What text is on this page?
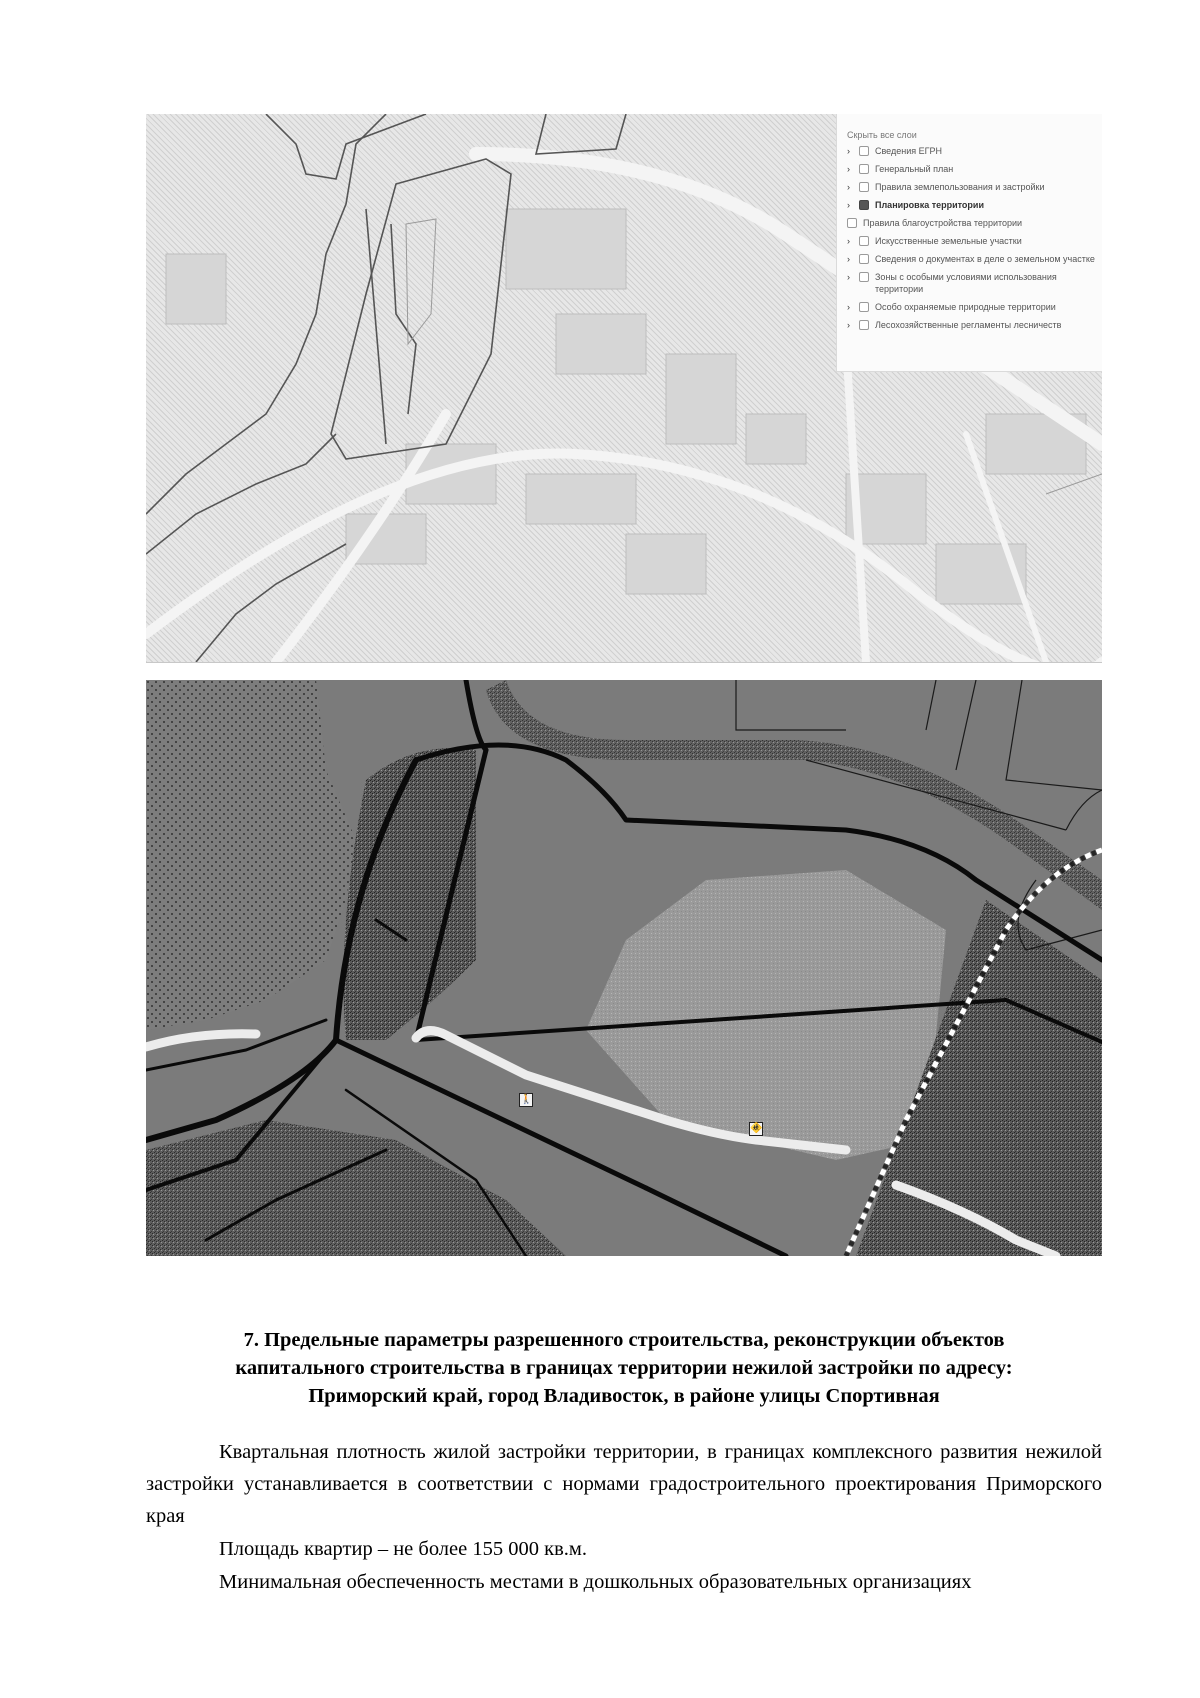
Скрыть все слои
›	Сведения ЕГРН
›	Генеральный план
›	Правила землепользования и застройки
›	Планировка территории
Правила благоустройства территории
›	Искусственные земельные участки
›	Сведения о документах в деле о земельном участке
›	Зоны с особыми условиями использования территории
›	Особо охраняемые природные территории
›	Лесохозяйственные регламенты лесничеств
🚶
🚸
7. Предельные параметры разрешенного строительства, реконструкции объектов
капитального строительства в границах территории нежилой застройки по адресу:
Приморский край, город Владивосток, в районе улицы Спортивная
Квартальная плотность жилой застройки территории, в границах комплексного развития нежилой застройки устанавливается в соответствии с нормами градостроительного проектирования Приморского края
Площадь квартир – не более 155 000 кв.м.
Минимальная обеспеченность местами в дошкольных образовательных организациях
